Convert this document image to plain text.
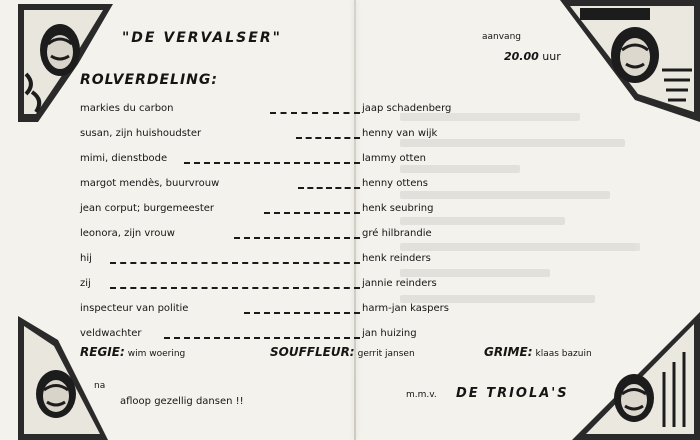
"DE VERVALSER"	aanvang
20.00 uur
ROLVERDELING:
markies du carbon	jaap schadenberg
susan, zijn huishoudster	henny van wijk
mimi, dienstbode	lammy otten
margot mendès, buurvrouw	henny ottens
jean corput; burgemeester	henk seubring
leonora, zijn vrouw	gré hilbrandie
hij	henk reinders
zij	jannie reinders
inspecteur van politie	harm-jan kaspers
veldwachter	jan huizing
REGIE: wim woering	SOUFFLEUR: gerrit jansen	GRIME: klaas bazuin
na
afloop gezellig dansen !!
m.m.v. DE TRIOLA'S
